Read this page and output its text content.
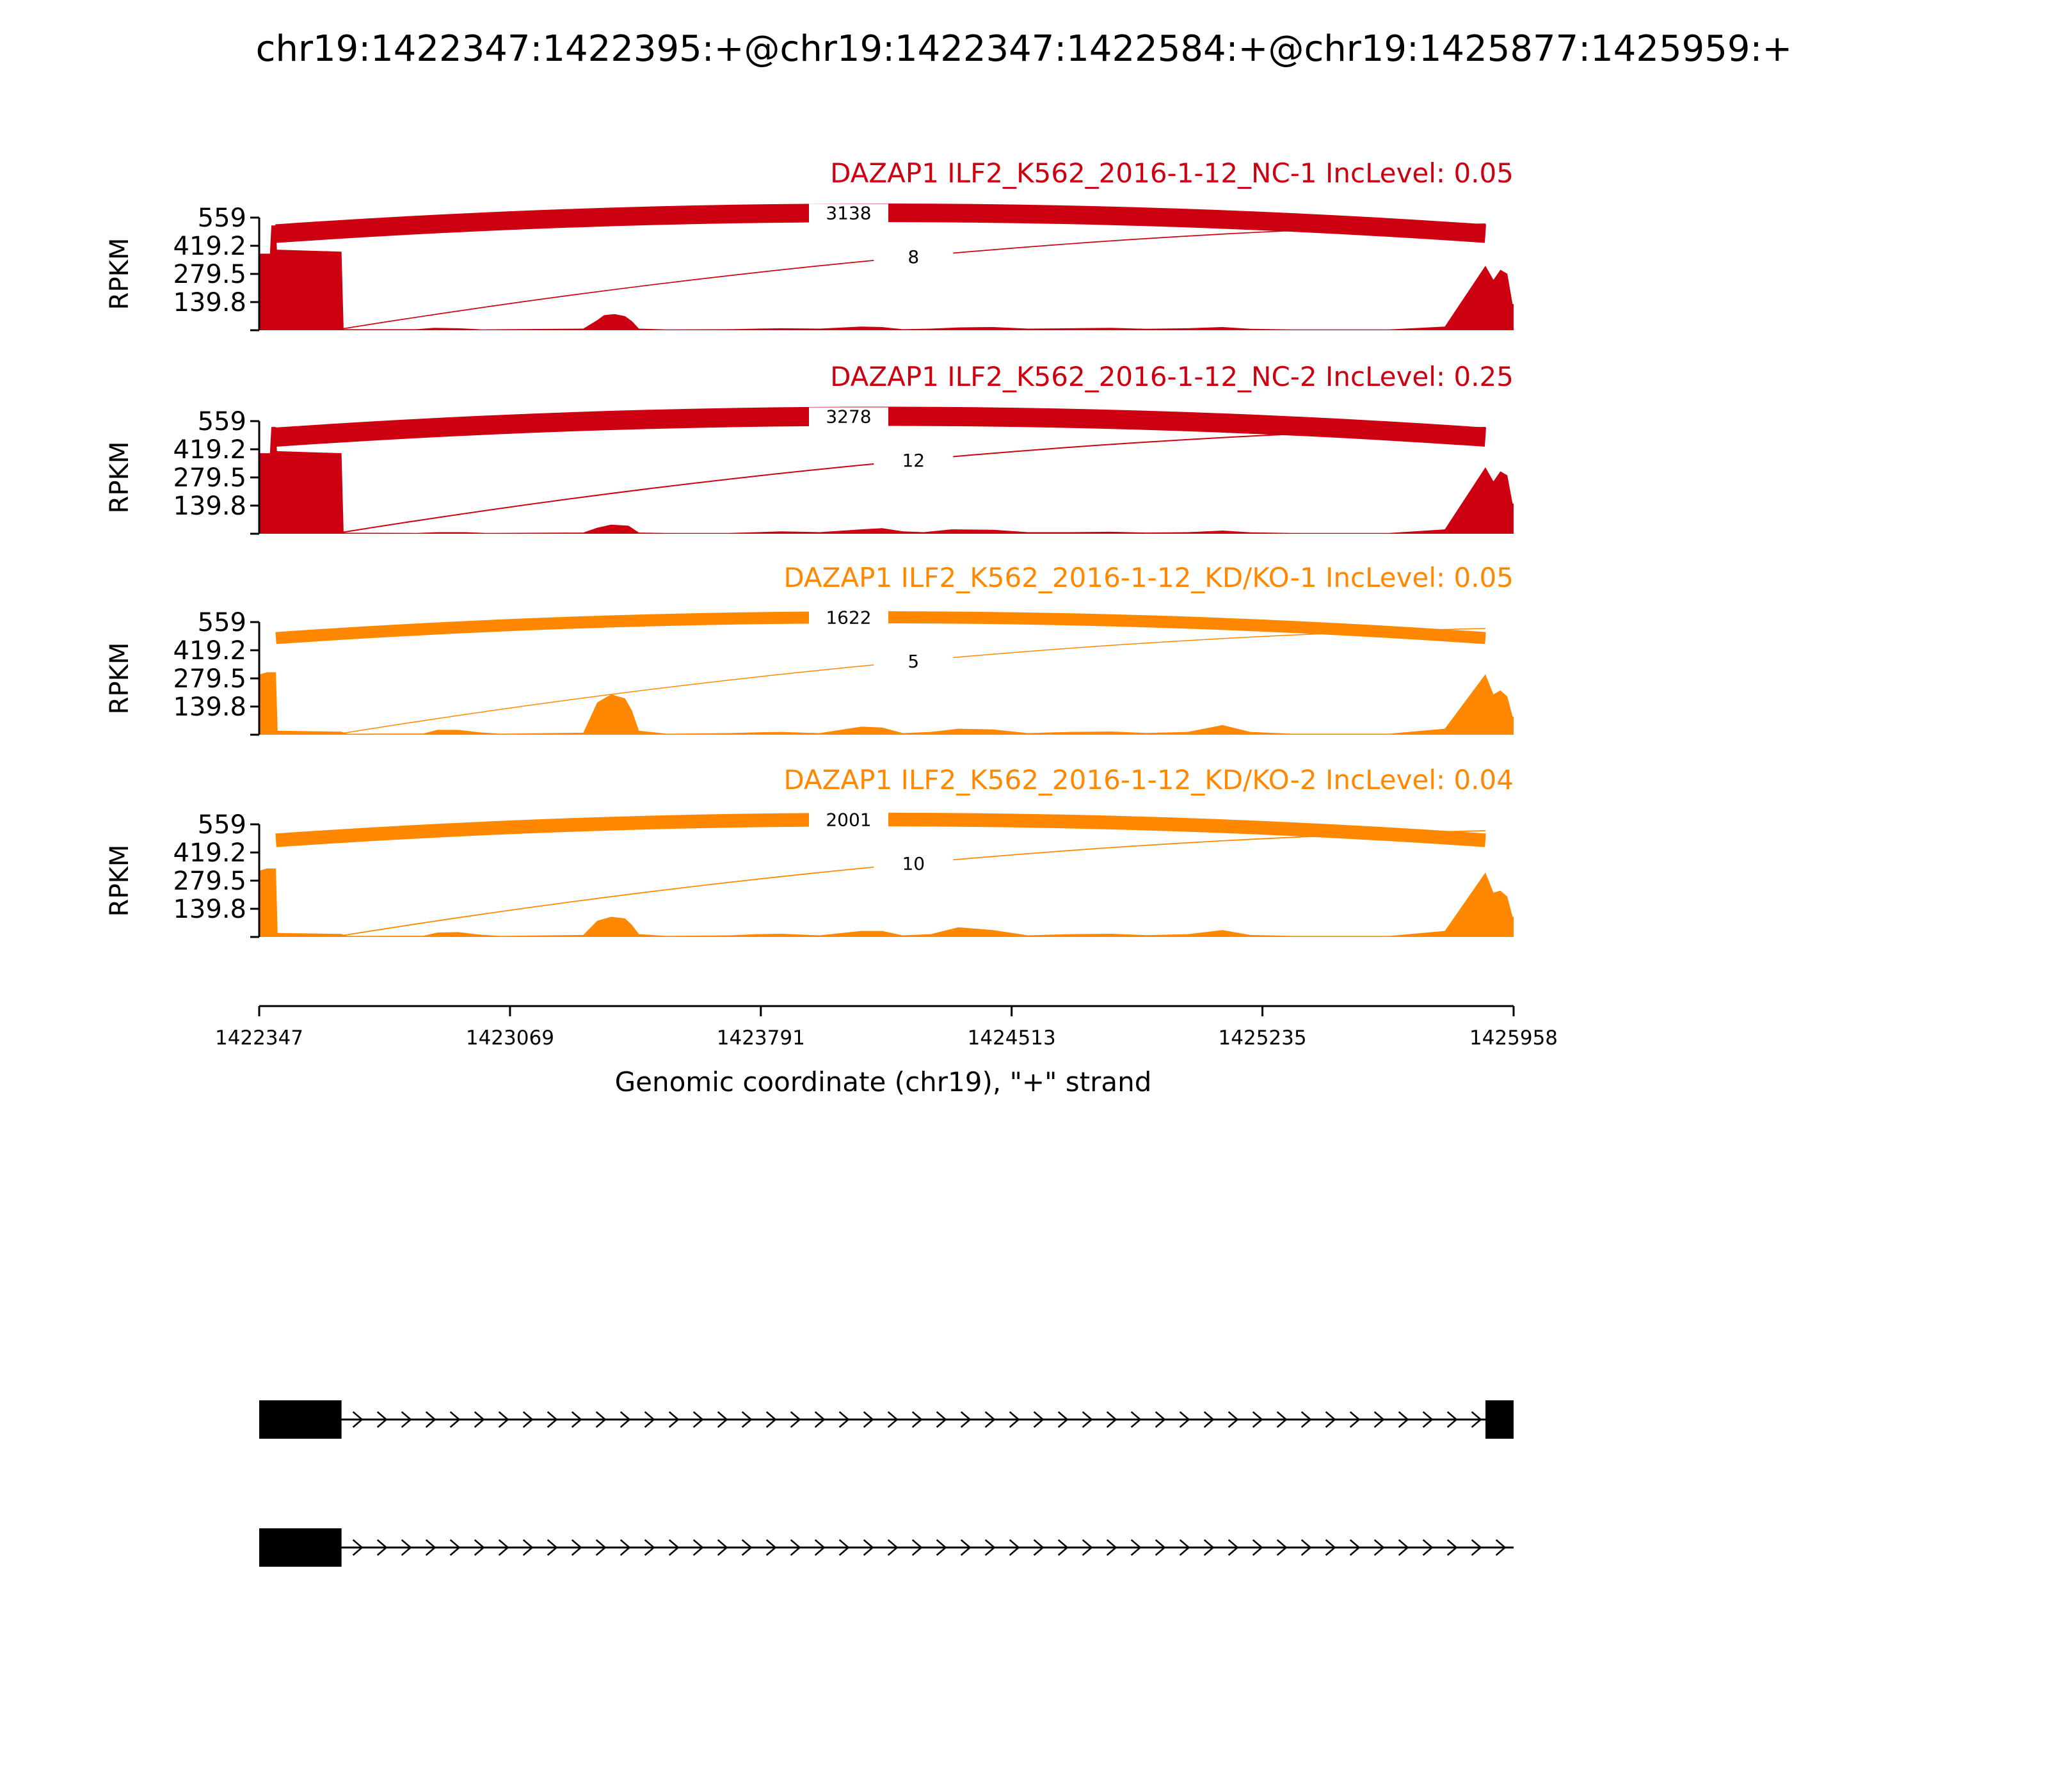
chr19:1422347:1422395:+@chr19:1422347:1422584:+@chr19:1425877:1425959:+
3138
8
DAZAP1 ILF2_K562_2016-1-12_NC-1 IncLevel: 0.05
139.8
279.5
419.2
559
RPKM
3278
12
DAZAP1 ILF2_K562_2016-1-12_NC-2 IncLevel: 0.25
139.8
279.5
419.2
559
RPKM
1622
5
DAZAP1 ILF2_K562_2016-1-12_KD/KO-1 IncLevel: 0.05
139.8
279.5
419.2
559
RPKM
2001
10
DAZAP1 ILF2_K562_2016-1-12_KD/KO-2 IncLevel: 0.04
139.8
279.5
419.2
559
RPKM
1422347	1423069	1423791	1424513	1425235	1425958
Genomic coordinate (chr19), "+" strand
